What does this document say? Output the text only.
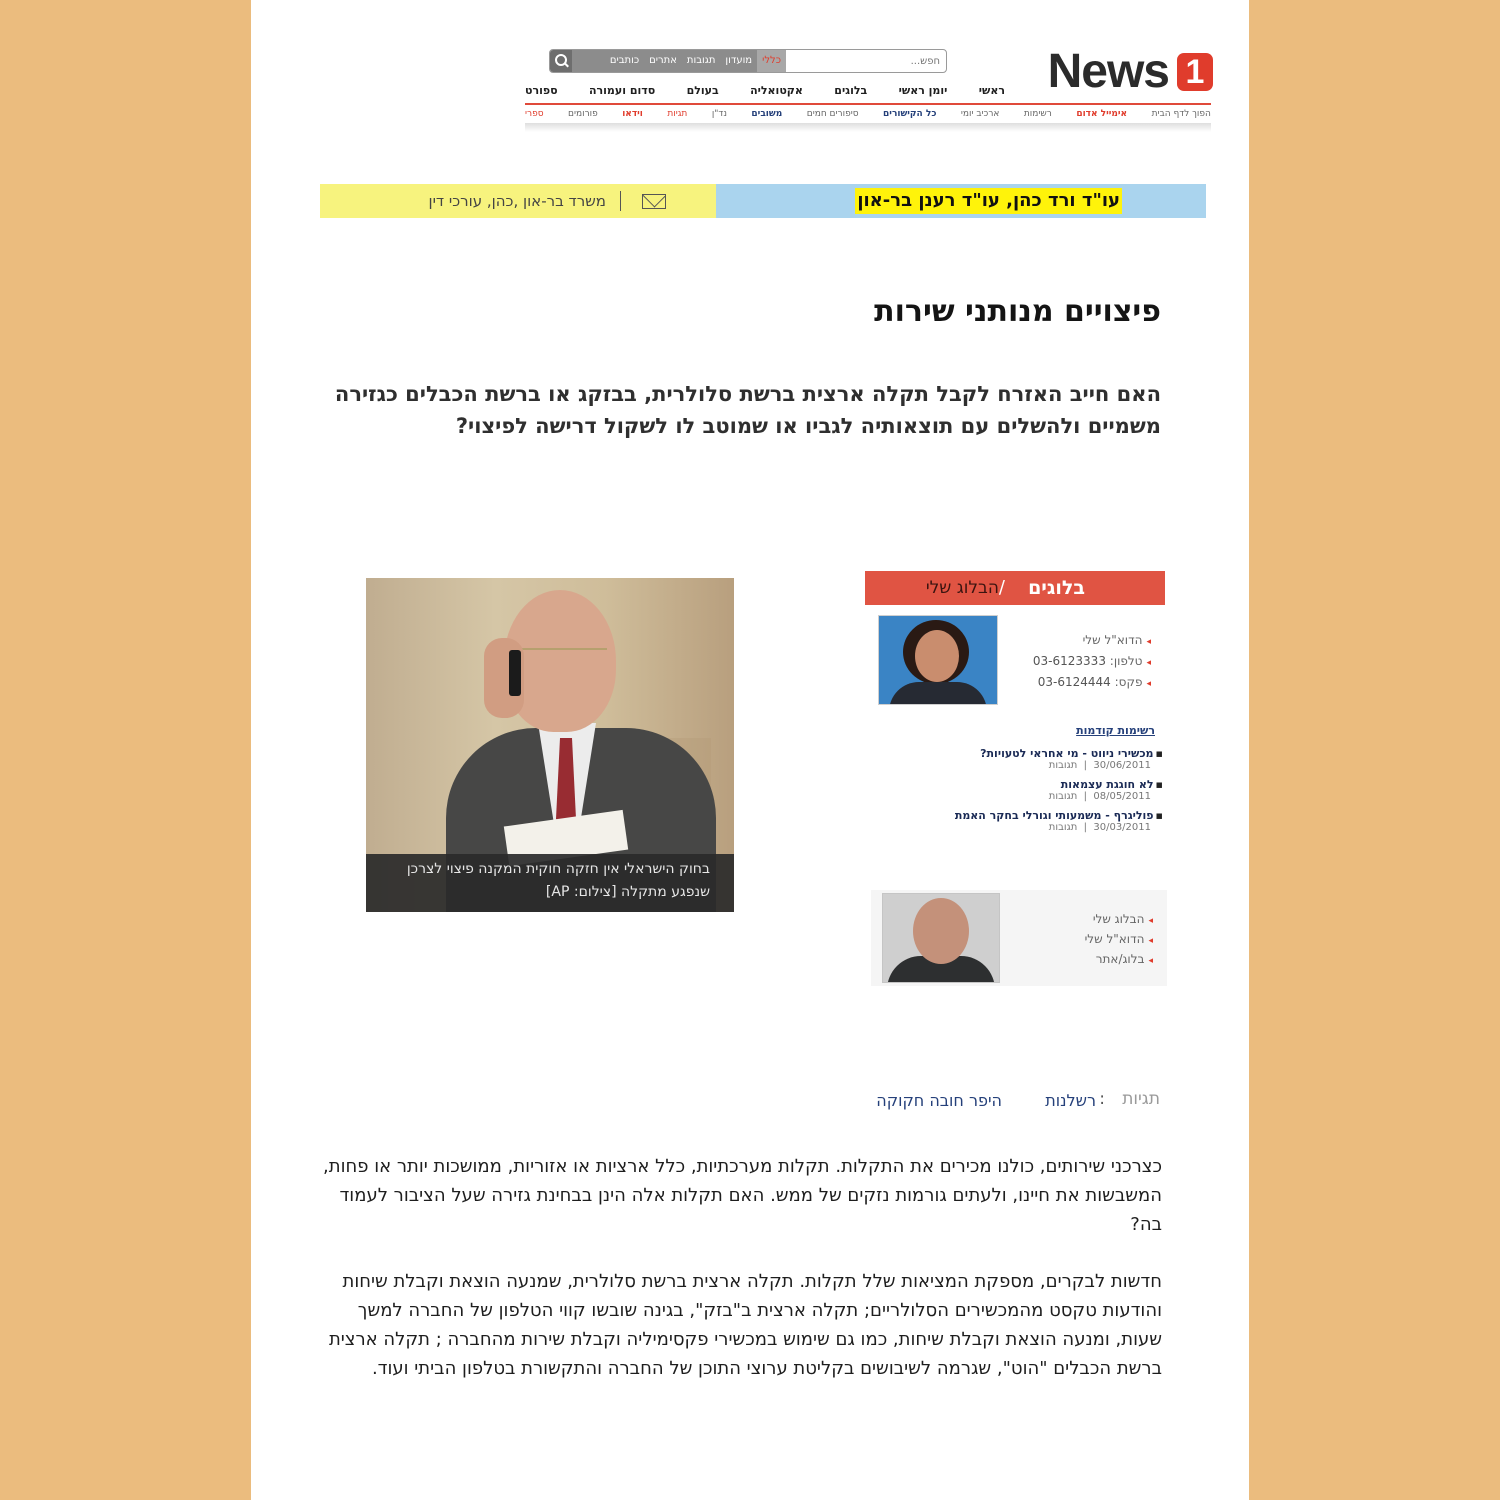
News 1
כללי
מועדון
תגובות
אתרים
כותבים
חפש...
ראשי
יומן ראשי
בלוגים
אקטואליה
בעולם
סדום ועמורה
ספורט
הפוך לדף הבית
אימייל אדום
רשימות
ארכיב יומי
כל הקישורים
סיפורים חמים
משובים
נד"ן
תגיות
וידאו
פורומים
ספרי
עו"ד ורד כהן, עו"ד רענן בר-און
משרד בר-און ,כהן, עורכי דין
פיצויים מנותני שירות
האם חייב האזרח לקבל תקלה ארצית ברשת סלולרית, בבזקג או ברשת הכבלים כגזירה משמיים ולהשלים עם תוצאותיה לגביו או שמוטב לו לשקול דרישה לפיצוי?
בחוק הישראלי אין חזקה חוקית המקנה פיצוי לצרכן שנפגע מתקלה [צילום: AP]
בלוגים
/
הבלוג שלי
◂הדוא"ל שלי
◂טלפון: 03-6123333
◂פקס: 03-6124444
רשימות קודמות
▪מכשירי ניווט - מי אחראי לטעויות?
30/06/2011  |  תגובות
▪לא חוגגת עצמאות
08/05/2011  |  תגובות
▪פוליגרף - משמעותי וגורלי בחקר האמת
30/03/2011  |  תגובות
◂הבלוג שלי
◂הדוא"ל שלי
◂בלוג/אתר
תגיות
:
רשלנות
היפר חובה חקוקה
כצרכני שירותים, כולנו מכירים את התקלות. תקלות מערכתיות, כלל ארציות או אזוריות, ממושכות יותר או פחות, המשבשות את חיינו, ולעתים גורמות נזקים של ממש. האם תקלות אלה הינן בבחינת גזירה שעל הציבור לעמוד בה?
חדשות לבקרים, מספקת המציאות שלל תקלות. תקלה ארצית ברשת סלולרית, שמנעה הוצאת וקבלת שיחות והודעות טקסט מהמכשירים הסלולריים; תקלה ארצית ב"בזק", בגינה שובשו קווי הטלפון של החברה למשך שעות, ומנעה הוצאת וקבלת שיחות, כמו גם שימוש במכשירי פקסימיליה וקבלת שירות מהחברה ; תקלה ארצית ברשת הכבלים "הוט", שגרמה לשיבושים בקליטת ערוצי התוכן של החברה והתקשורת בטלפון הביתי ועוד.
